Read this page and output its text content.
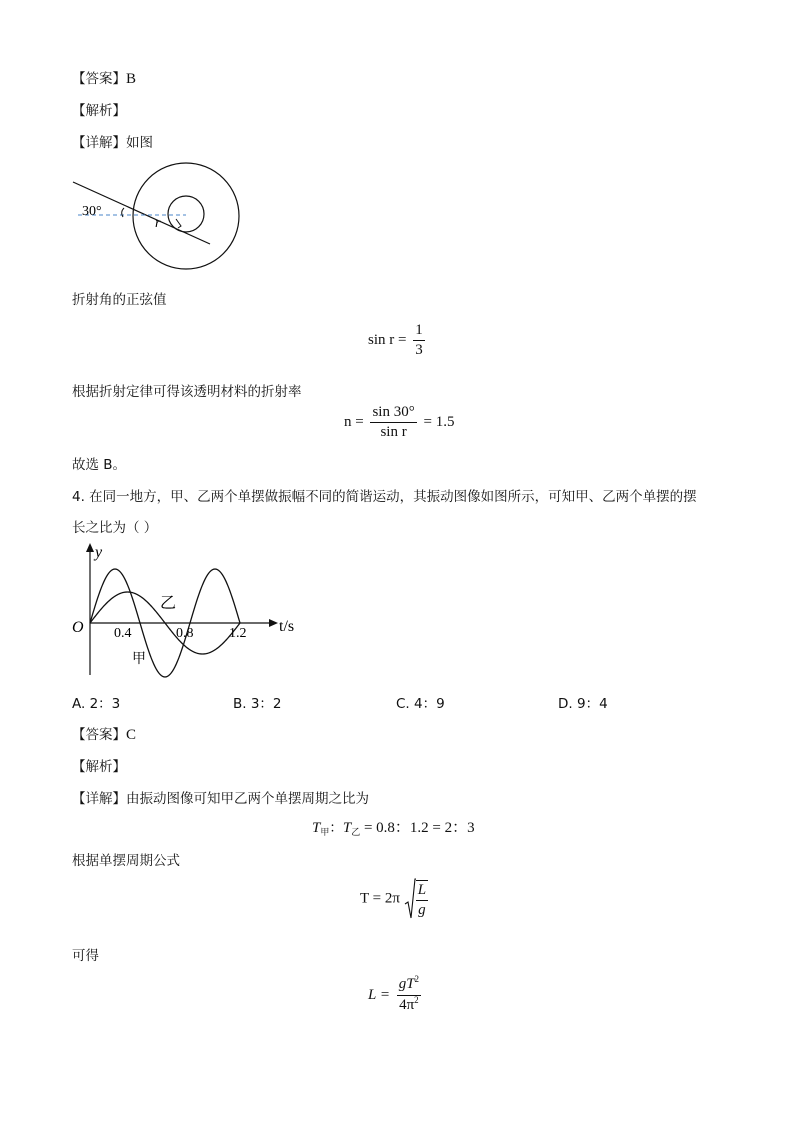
【答案】B
【解析】
【详解】如图
30°
r
折射角的正弦值
$\sin r = \frac{1}{3}$
根据折射定律可得该透明材料的折射率
$n = \frac{\sin 30^\circ}{\text{sin r}} = 1.5$
故选 B。
4. 在同一地方，甲、乙两个单摆做振幅不同的简谐运动，其振动图像如图所示，可知甲、乙两个单摆的摆
长之比为（ ）
y
O	t/s
0.4	0.8	1.2
乙
甲
A. 2：3	B. 3：2	C. 4：9	D. 9：4
【答案】C
【解析】
【详解】由振动图像可知甲乙两个单摆周期之比为
$T_甲$：$T_乙 = 0.8$：1.2 = 2：3
根据单摆周期公式
$T = 2\pi \frac{L}{g}$
可得
$L = \frac{gT^2}{4\pi^2}$
